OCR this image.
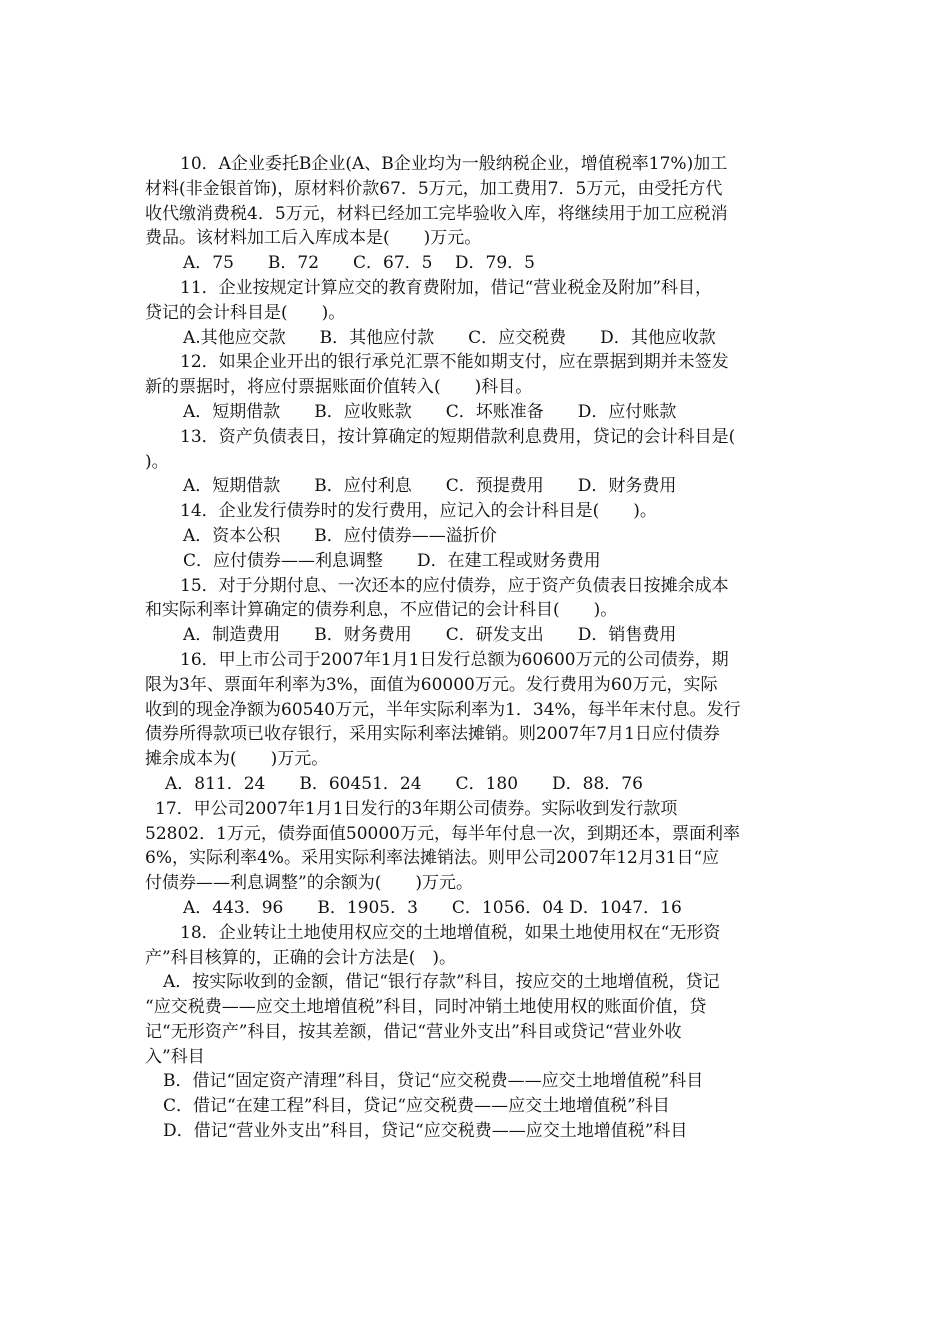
10．A企业委托B企业(A、B企业均为一般纳税企业，增值税率17%)加工
材料(非金银首饰)，原材料价款67．5万元，加工费用7．5万元，由受托方代
收代缴消费税4．5万元，材料已经加工完毕验收入库，将继续用于加工应税消
费品。该材料加工后入库成本是(　　)万元。
A．75　　B．72　　C．67．5　 D．79．5
11．企业按规定计算应交的教育费附加，借记“营业税金及附加”科目，
贷记的会计科目是(　　)。
A.其他应交款　　B．其他应付款　　C．应交税费　　D．其他应收款
12．如果企业开出的银行承兑汇票不能如期支付，应在票据到期并未签发
新的票据时，将应付票据账面价值转入(　　)科目。
A．短期借款　　B．应收账款　　C．坏账准备　　D．应付账款
13．资产负债表日，按计算确定的短期借款利息费用，贷记的会计科目是(
)。
A．短期借款　　B．应付利息　　C．预提费用　　D．财务费用
14．企业发行债券时的发行费用，应记入的会计科目是(　　)。
A．资本公积　　B．应付债券——溢折价
C．应付债券——利息调整　　D．在建工程或财务费用
15．对于分期付息、一次还本的应付债券，应于资产负债表日按摊余成本
和实际利率计算确定的债券利息，不应借记的会计科目(　　)。
A．制造费用　　B．财务费用　　C．研发支出　　D．销售费用
16．甲上市公司于2007年1月1日发行总额为60600万元的公司债券，期
限为3年、票面年利率为3%，面值为60000万元。发行费用为60万元，实际
收到的现金净额为60540万元，半年实际利率为1．34%，每半年末付息。发行
债券所得款项已收存银行，采用实际利率法摊销。则2007年7月1日应付债券
摊余成本为(　　)万元。
A．811．24　　B．60451．24　　C．180　　D．88．76
17．甲公司2007年1月1日发行的3年期公司债券。实际收到发行款项
52802．1万元，债券面值50000万元，每半年付息一次，到期还本，票面利率
6%，实际利率4%。采用实际利率法摊销法。则甲公司2007年12月31日“应
付债券——利息调整”的余额为(　　)万元。
A．443．96　　B．1905．3　　C．1056．04 D．1047．16
18．企业转让土地使用权应交的土地增值税，如果土地使用权在“无形资
产”科目核算的，正确的会计方法是(　)。
A．按实际收到的金额，借记“银行存款”科目，按应交的土地增值税，贷记
“应交税费——应交土地增值税”科目，同时冲销土地使用权的账面价值，贷
记“无形资产”科目，按其差额，借记“营业外支出”科目或贷记“营业外收
入”科目
B．借记“固定资产清理”科目，贷记“应交税费——应交土地增值税”科目
C．借记“在建工程”科目，贷记“应交税费——应交土地增值税”科目
D．借记“营业外支出”科目，贷记“应交税费——应交土地增值税”科目
